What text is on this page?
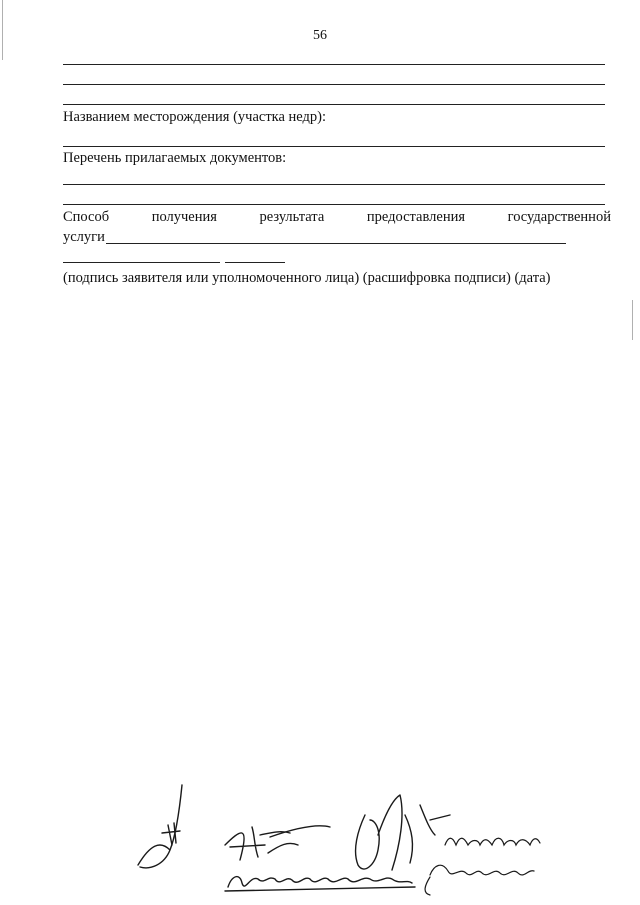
56
Названием месторождения (участка недр):
Перечень прилагаемых документов:
Способ	получения	результата	предоставления	государственной
услуги
(подпись заявителя или уполномоченного лица) (расшифровка подписи) (дата)
